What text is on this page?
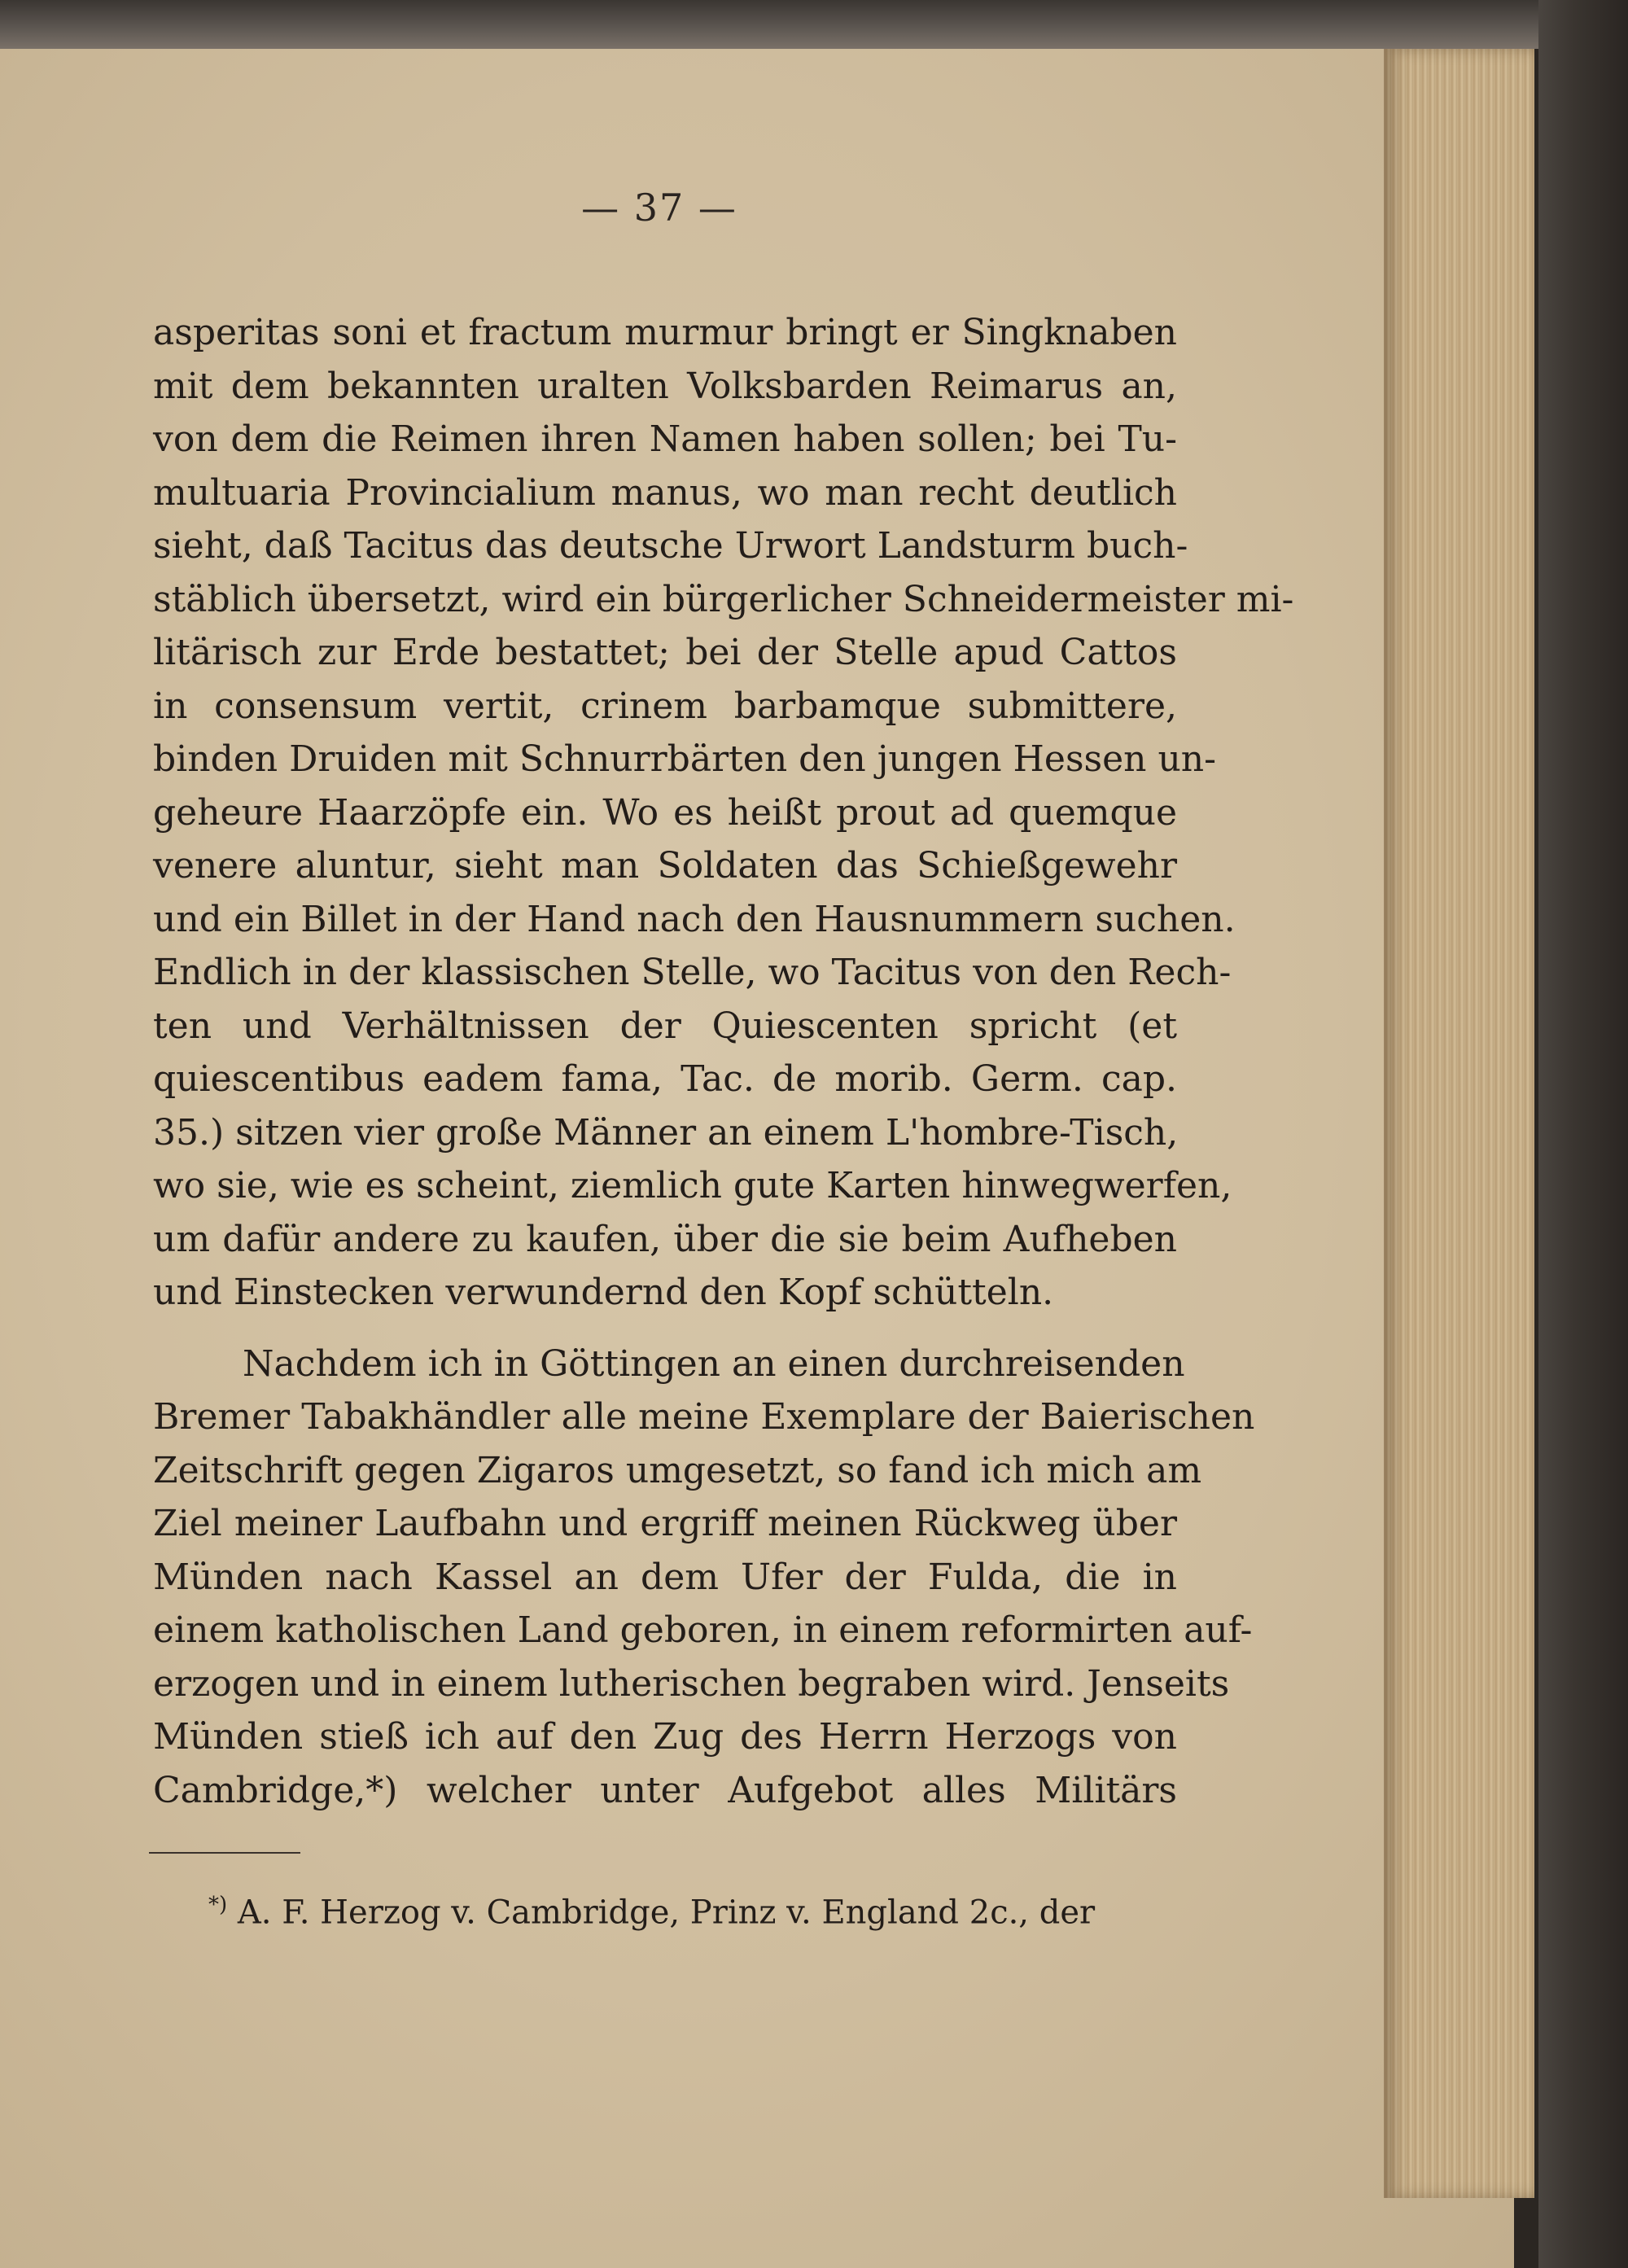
— 37 —
asperitas soni et fractum murmur bringt er Singknaben
mit dem bekannten uralten Volksbarden Reimarus an,
von dem die Reimen ihren Namen haben sollen; bei Tu-
multuaria Provincialium manus, wo man recht deutlich
sieht, daß Tacitus das deutsche Urwort Landsturm buch-
stäblich übersetzt, wird ein bürgerlicher Schneidermeister mi-
litärisch zur Erde bestattet; bei der Stelle apud Cattos
in consensum vertit, crinem barbamque submittere,
binden Druiden mit Schnurrbärten den jungen Hessen un-
geheure Haarzöpfe ein. Wo es heißt prout ad quemque
venere aluntur, sieht man Soldaten das Schießgewehr
und ein Billet in der Hand nach den Hausnummern suchen.
Endlich in der klassischen Stelle, wo Tacitus von den Rech-
ten und Verhältnissen der Quiescenten spricht (et
quiescentibus eadem fama, Tac. de morib. Germ. cap.
35.) sitzen vier große Männer an einem L'hombre-Tisch,
wo sie, wie es scheint, ziemlich gute Karten hinwegwerfen,
um dafür andere zu kaufen, über die sie beim Aufheben
und Einstecken verwundernd den Kopf schütteln.
Nachdem ich in Göttingen an einen durchreisenden
Bremer Tabakhändler alle meine Exemplare der Baierischen
Zeitschrift gegen Zigaros umgesetzt, so fand ich mich am
Ziel meiner Laufbahn und ergriff meinen Rückweg über
Münden nach Kassel an dem Ufer der Fulda, die in
einem katholischen Land geboren, in einem reformirten auf-
erzogen und in einem lutherischen begraben wird. Jenseits
Münden stieß ich auf den Zug des Herrn Herzogs von
Cambridge,*) welcher unter Aufgebot alles Militärs
*) A. F. Herzog v. Cambridge, Prinz v. England 2c., der
